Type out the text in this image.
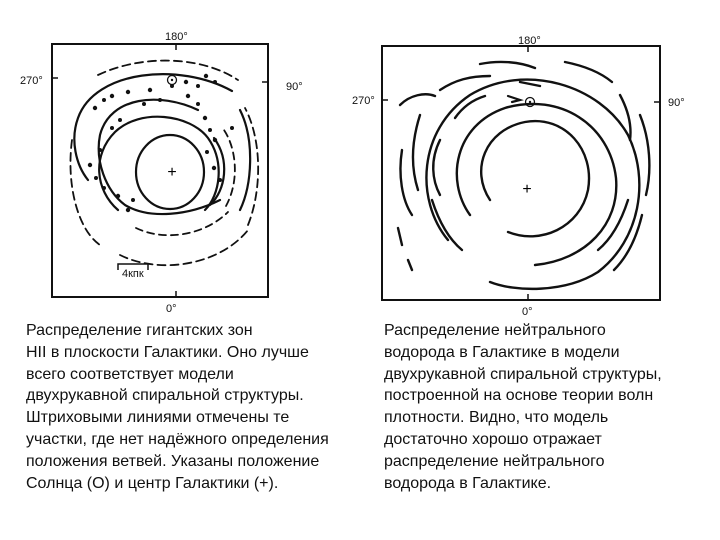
+
4кпк
180°
270°	90°
0°
+
180°
270°	90°
0°
Распределение гигантских зон
HII в плоскости Галактики. Оно лучше
всего соответствует модели
двухрукавной спиральной структуры.
Штриховыми линиями отмечены те
участки, где нет надёжного определения
положения ветвей. Указаны положение
Солнца (О) и центр Галактики (+).
Распределение нейтрального
водорода в Галактике в модели
двухрукавной спиральной структуры,
построенной на основе теории волн
плотности. Видно, что модель
достаточно хорошо отражает
распределение нейтрального
водорода в Галактике.
